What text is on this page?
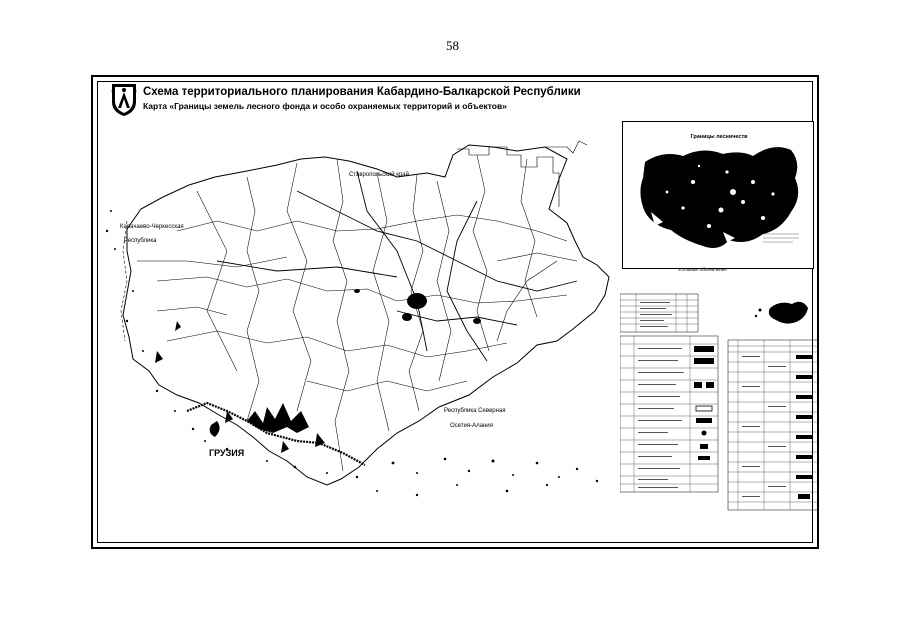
58
Схема территориального планирования Кабардино-Балкарской Республики
Карта «Границы земель лесного фонда и особо охраняемых территорий и объектов»
Ставропольский край
Карачаево-Черкесская
Республика
Республика Северная
Осетия-Алания
ГРУЗИЯ
Границы лесничеств
Условные обозначения
